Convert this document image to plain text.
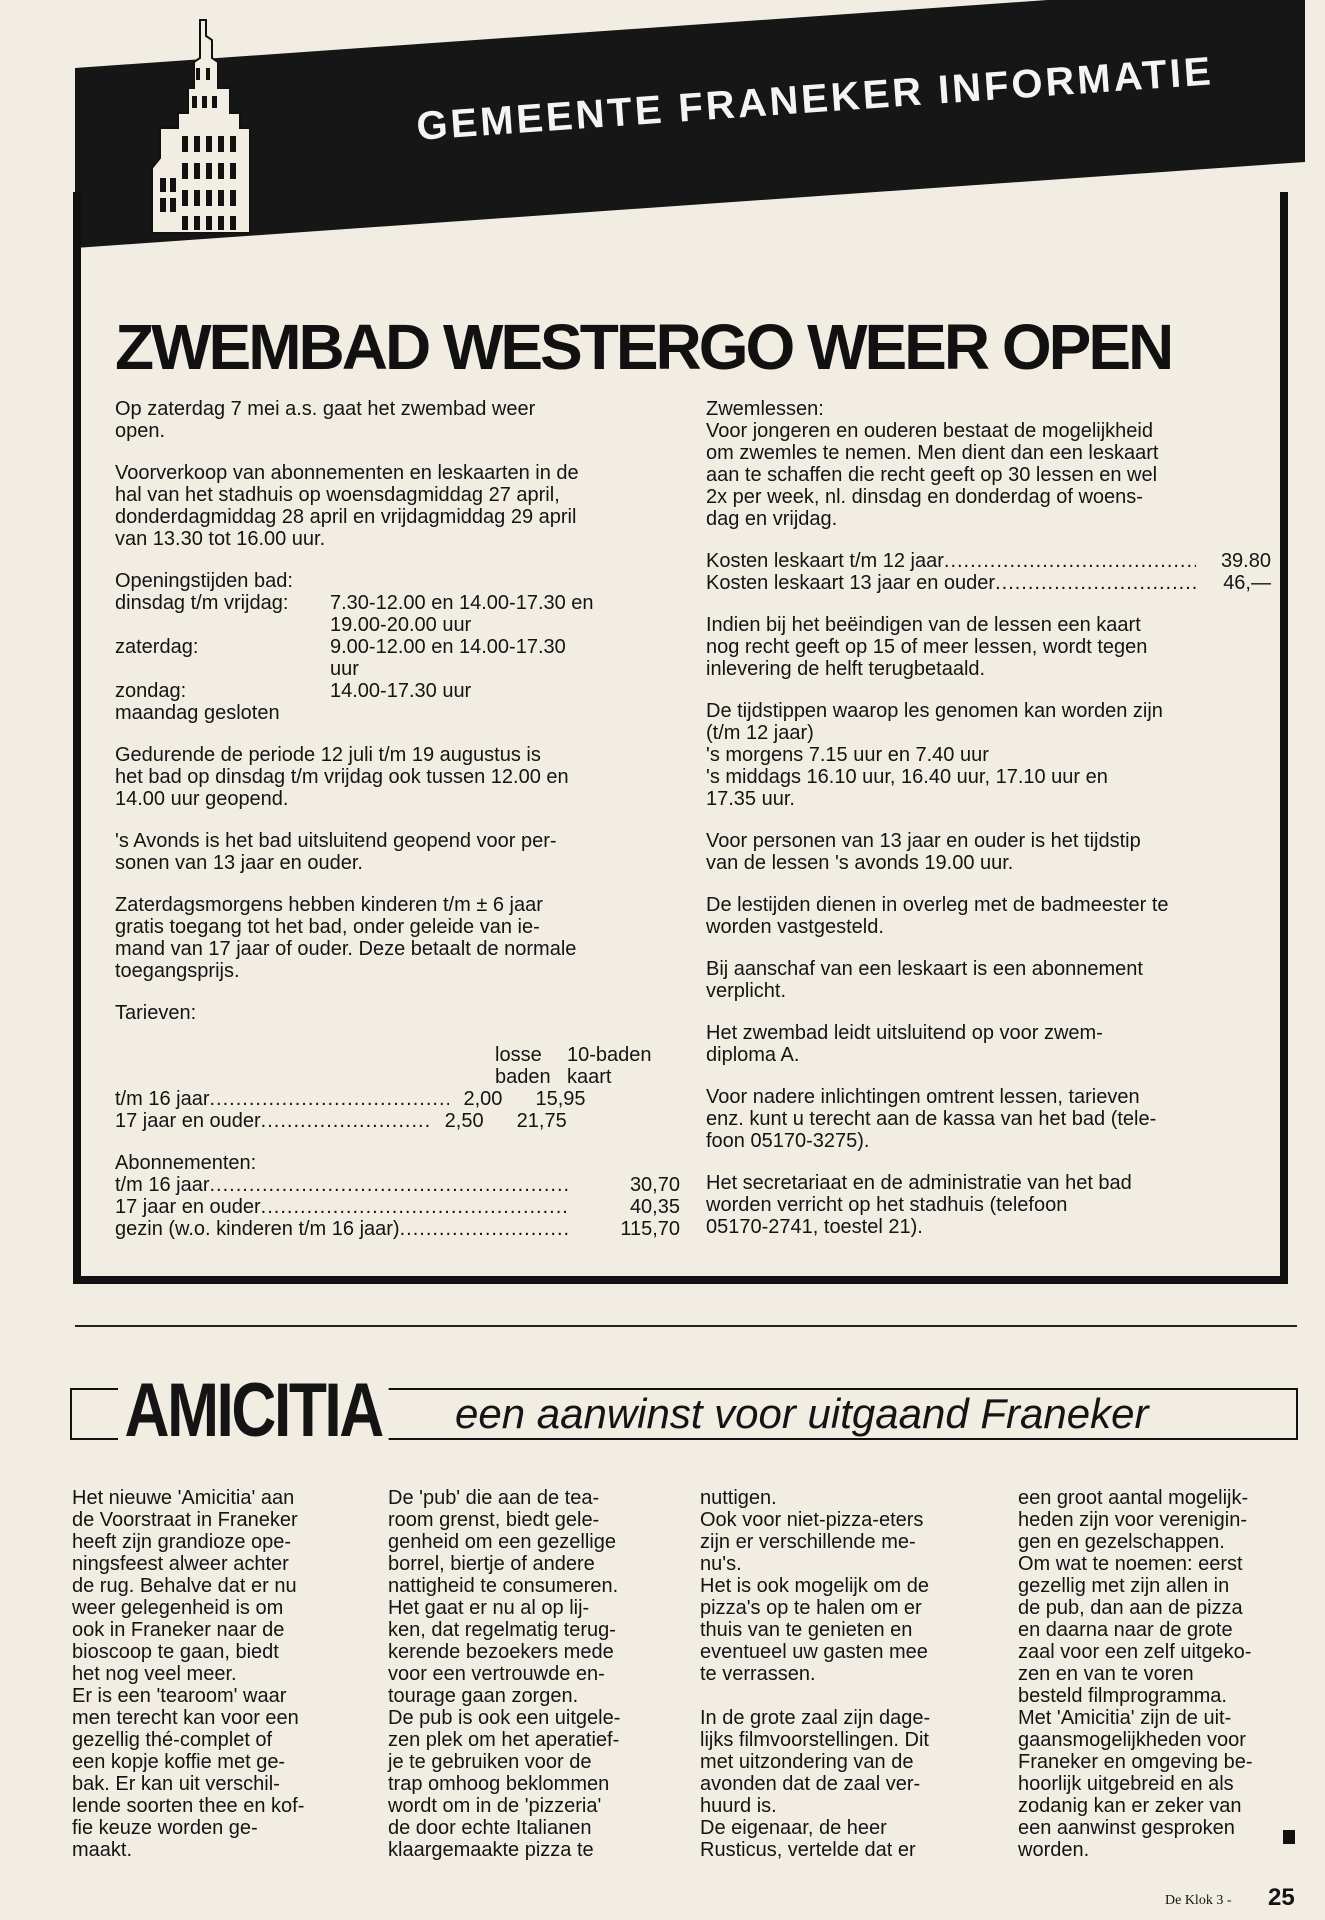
GEMEENTE FRANEKER INFORMATIE
ZWEMBAD WESTERGO WEER OPEN

Op zaterdag 7 mei a.s. gaat het zwembad weer
open.

Voorverkoop van abonnementen en leskaarten in de
hal van het stadhuis op woensdagmiddag 27 april,
donderdagmiddag 28 april en vrijdagmiddag 29 april
van 13.30 tot 16.00 uur.

Openingstijden bad:
dinsdag t/m vrijdag:	7.30-12.00 en 14.00-17.30 en
19.00-20.00 uur
zaterdag:	9.00-12.00 en 14.00-17.30
uur
zondag:	14.00-17.30 uur
maandag gesloten

Gedurende de periode 12 juli t/m 19 augustus is
het bad op dinsdag t/m vrijdag ook tussen 12.00 en
14.00 uur geopend.

's Avonds is het bad uitsluitend geopend voor per-
sonen van 13 jaar en ouder.

Zaterdagsmorgens hebben kinderen t/m ± 6 jaar
gratis toegang tot het bad, onder geleide van ie-
mand van 17 jaar of ouder. Deze betaalt de normale
toegangsprijs.

Tarieven:
losse
baden
10-baden
kaart
t/m 16 jaar .....	2,00	15,95
17 jaar en ouder .....	2,50	21,75
Abonnementen:
t/m 16 jaar .....	30,70
17 jaar en ouder .....	40,35
gezin (w.o. kinderen t/m 16 jaar) .....	115,70

Zwemlessen:
Voor jongeren en ouderen bestaat de mogelijkheid
om zwemles te nemen. Men dient dan een leskaart
aan te schaffen die recht geeft op 30 lessen en wel
2x per week, nl. dinsdag en donderdag of woens-
dag en vrijdag.

Kosten leskaart t/m 12 jaar .....	39.80
Kosten leskaart 13 jaar en ouder .....	46,—

Indien bij het beëindigen van de lessen een kaart
nog recht geeft op 15 of meer lessen, wordt tegen
inlevering de helft terugbetaald.

De tijdstippen waarop les genomen kan worden zijn
(t/m 12 jaar)
's morgens 7.15 uur en 7.40 uur
's middags 16.10 uur, 16.40 uur, 17.10 uur en
17.35 uur.

Voor personen van 13 jaar en ouder is het tijdstip
van de lessen 's avonds 19.00 uur.

De lestijden dienen in overleg met de badmeester te
worden vastgesteld.

Bij aanschaf van een leskaart is een abonnement
verplicht.

Het zwembad leidt uitsluitend op voor zwem-
diploma A.

Voor nadere inlichtingen omtrent lessen, tarieven
enz. kunt u terecht aan de kassa van het bad (tele-
foon 05170-3275).

Het secretariaat en de administratie van het bad
worden verricht op het stadhuis (telefoon
05170-2741, toestel 21).

AMICITIA een aanwinst voor uitgaand Franeker
Het nieuwe 'Amicitia' aan
de Voorstraat in Franeker
heeft zijn grandioze ope-
ningsfeest alweer achter
de rug. Behalve dat er nu
weer gelegenheid is om
ook in Franeker naar de
bioscoop te gaan, biedt
het nog veel meer.
Er is een 'tearoom' waar
men terecht kan voor een
gezellig thé-complet of
een kopje koffie met ge-
bak. Er kan uit verschil-
lende soorten thee en kof-
fie keuze worden ge-
maakt.
De 'pub' die aan de tea-
room grenst, biedt gele-
genheid om een gezellige
borrel, biertje of andere
nattigheid te consumeren.
Het gaat er nu al op lij-
ken, dat regelmatig terug-
kerende bezoekers mede
voor een vertrouwde en-
tourage gaan zorgen.
De pub is ook een uitgele-
zen plek om het aperatief-
je te gebruiken voor de
trap omhoog beklommen
wordt om in de 'pizzeria'
de door echte Italianen
klaargemaakte pizza te
nuttigen.
Ook voor niet-pizza-eters
zijn er verschillende me-
nu's.
Het is ook mogelijk om de
pizza's op te halen om er
thuis van te genieten en
eventueel uw gasten mee
te verrassen.

In de grote zaal zijn dage-
lijks filmvoorstellingen. Dit
met uitzondering van de
avonden dat de zaal ver-
huurd is.
De eigenaar, de heer
Rusticus, vertelde dat er
een groot aantal mogelijk-
heden zijn voor verenigin-
gen en gezelschappen.
Om wat te noemen: eerst
gezellig met zijn allen in
de pub, dan aan de pizza
en daarna naar de grote
zaal voor een zelf uitgeko-
zen en van te voren
besteld filmprogramma.
Met 'Amicitia' zijn de uit-
gaansmogelijkheden voor
Franeker en omgeving be-
hoorlijk uitgebreid en als
zodanig kan er zeker van
een aanwinst gesproken
worden.
De Klok 3 - 25
